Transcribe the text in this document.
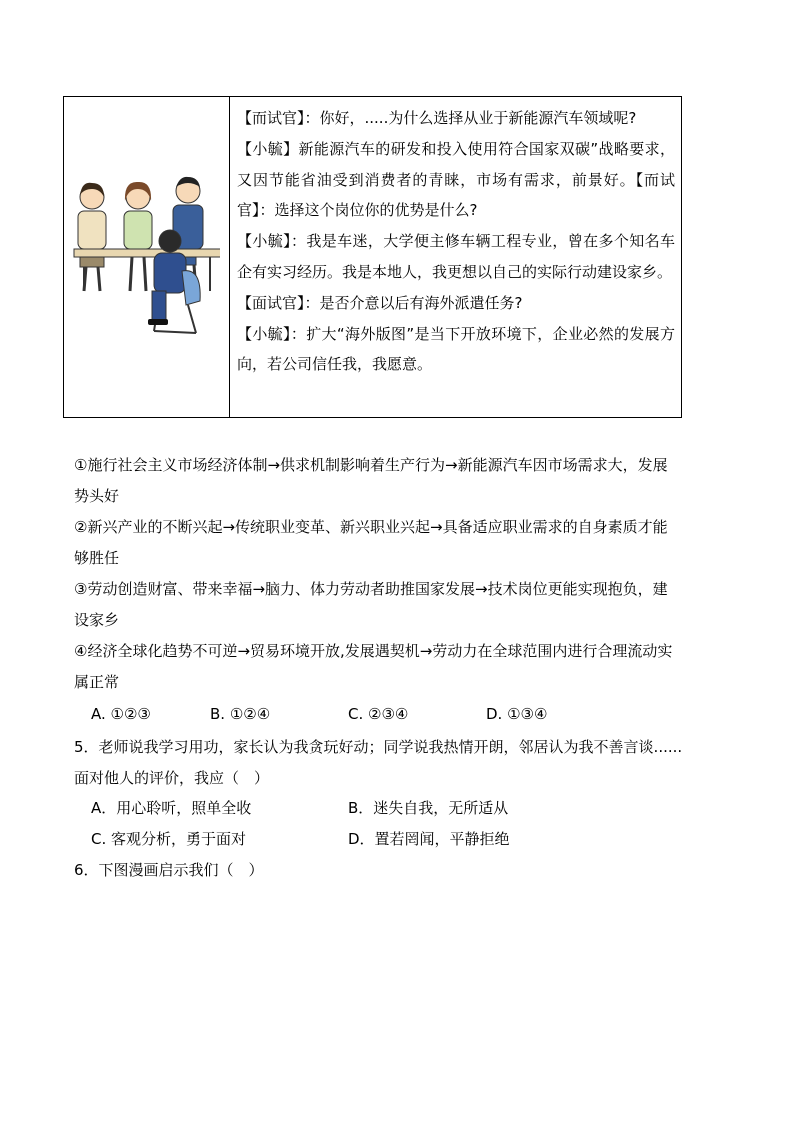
【而试官】：你好，.....为什么选择从业于新能源汽车领域呢?

【小毓】新能源汽车的研发和投入使用符合国家双碳”战略要求，又因节能省油受到消费者的青睐，市场有需求，前景好。【而试官】：选择这个岗位你的优势是什么?

【小毓】：我是车迷，大学便主修车辆工程专业，曾在多个知名车企有实习经历。我是本地人，我更想以自己的实际行动建设家乡。

【面试官】：是否介意以后有海外派遣任务?

【小毓】：扩大“海外版图”是当下开放环境下，企业必然的发展方向，若公司信任我，我愿意。

①施行社会主义市场经济体制→供求机制影响着生产行为→新能源汽车因市场需求大，发展势头好

②新兴产业的不断兴起→传统职业变革、新兴职业兴起→具备适应职业需求的自身素质才能够胜任

③劳动创造财富、带来幸福→脑力、体力劳动者助推国家发展→技术岗位更能实现抱负，建设家乡

④经济全球化趋势不可逆→贸易环境开放,发展遇契机→劳动力在全球范围内进行合理流动实属正常

A. ①②③	B. ①②④	C. ②③④	D. ①③④

5．老师说我学习用功，家长认为我贪玩好动；同学说我热情开朗，邻居认为我不善言谈......面对他人的评价，我应（　）

A．用心聆听，照单全收	B．迷失自我，无所适从
C. 客观分析，勇于面对	D．置若罔闻，平静拒绝

6．下图漫画启示我们（　）
